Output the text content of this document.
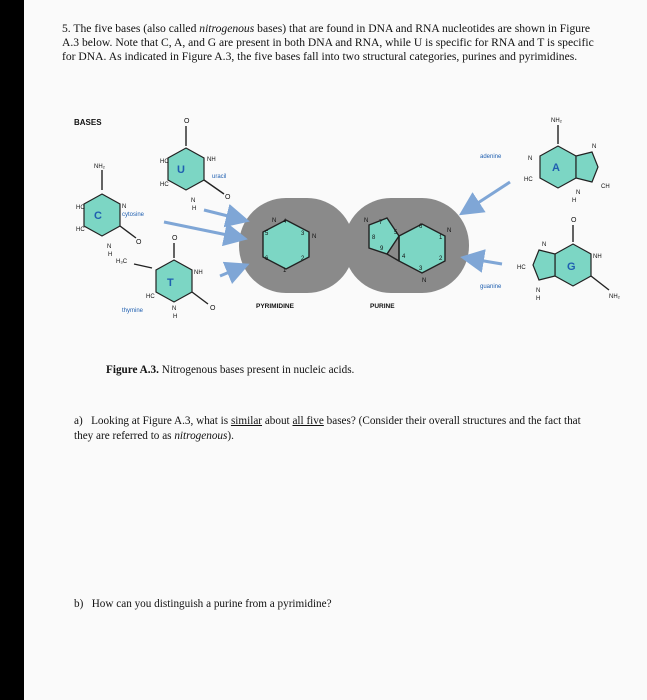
5. The five bases (also called nitrogenous bases) that are found in DNA and RNA nucleotides are shown in Figure A.3 below. Note that C, A, and G are present in both DNA and RNA, while U is specific for RNA and T is specific for DNA. As indicated in Figure A.3, the five bases fall into two structural categories, purines and pyrimidines.

BASES
4
3
2
1
6
5
N
N
7
8
9
5
6
1
2
3
4
N
N
N
PYRIMIDINE	PURINE
O
U
HC
HC
NH
O
N
H
uracil
NH₂
C
HC
HC
N
O
N
H
cytosine
O
H₃C
T
NH
HC
O
N
H
thymine
NH₂
A
N
HC
N
CH
N
H
adenine
O
G
NH
HC
N
N
H	NH₂
guanine
Figure A.3. Nitrogenous bases present in nucleic acids.
a) Looking at Figure A.3, what is similar about all five bases? (Consider their overall structures and the fact that they are referred to as nitrogenous).
b) How can you distinguish a purine from a pyrimidine?
